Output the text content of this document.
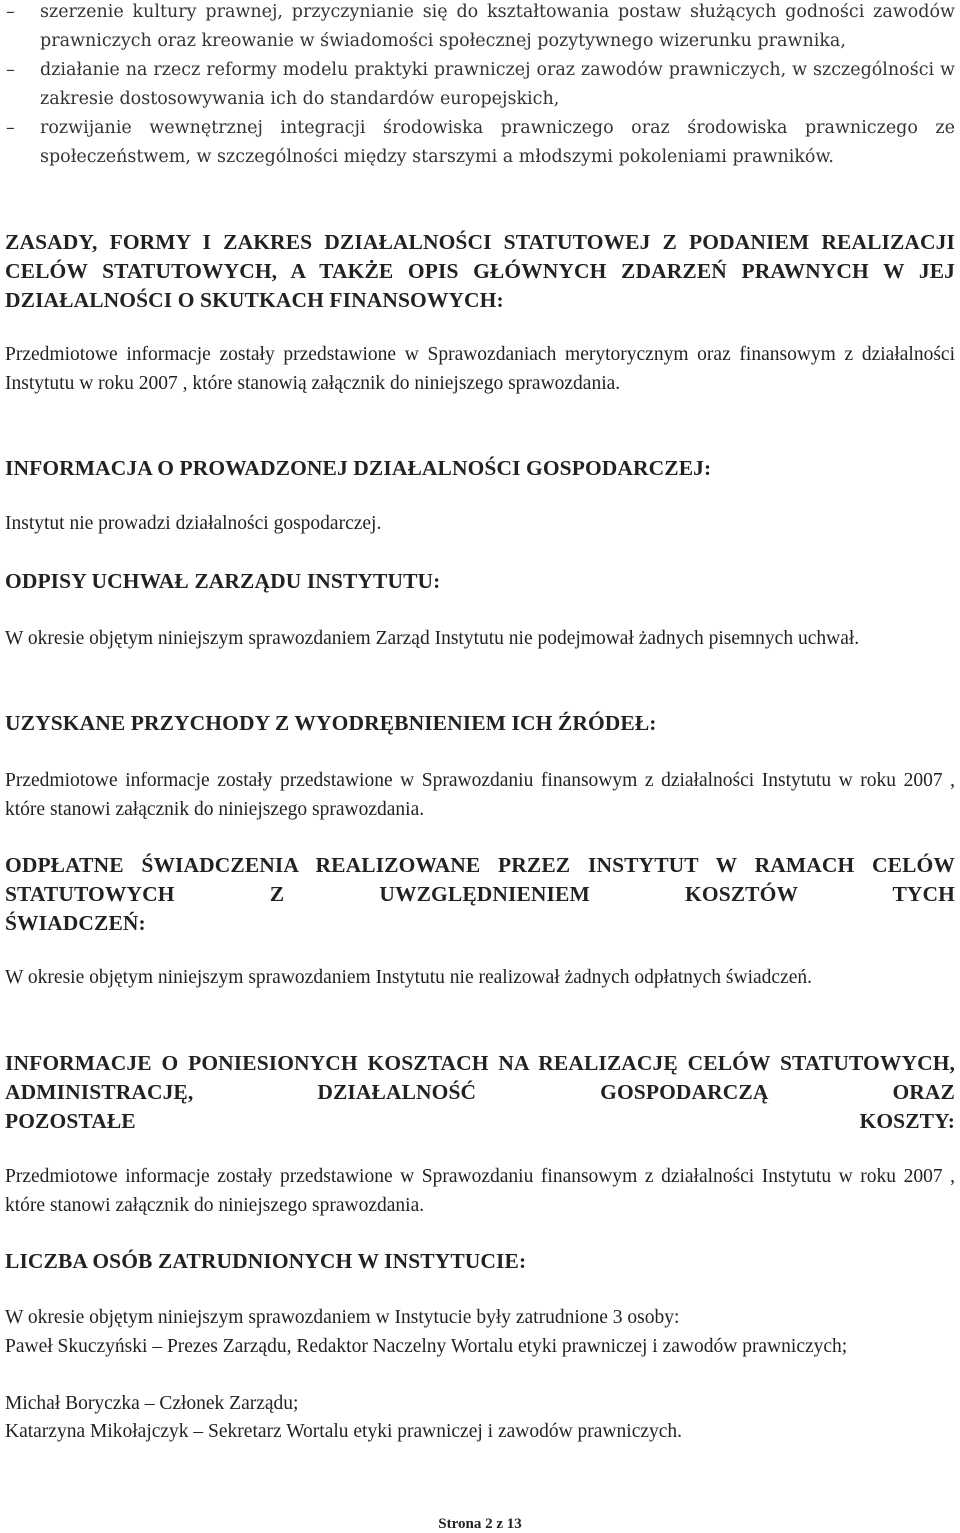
–	szerzenie kultury prawnej, przyczynianie się do kształtowania postaw służących godności zawodów prawniczych oraz kreowanie w świadomości społecznej pozytywnego wizerunku prawnika,
–	działanie na rzecz reformy modelu praktyki prawniczej oraz zawodów prawniczych, w szczególności w zakresie dostosowywania ich do standardów europejskich,
–	rozwijanie wewnętrznej integracji środowiska prawniczego oraz środowiska prawniczego ze społeczeństwem, w szczególności między starszymi a młodszymi pokoleniami prawników.
ZASADY, FORMY I ZAKRES DZIAŁALNOŚCI STATUTOWEJ Z PODANIEM REALIZACJI CELÓW STATUTOWYCH, A TAKŻE OPIS GŁÓWNYCH ZDARZEŃ PRAWNYCH W JEJ DZIAŁALNOŚCI O SKUTKACH FINANSOWYCH:

Przedmiotowe informacje zostały przedstawione w Sprawozdaniach merytorycznym oraz finansowym z działalności Instytutu w roku 2007 , które stanowią załącznik do niniejszego sprawozdania.

INFORMACJA O PROWADZONEJ DZIAŁALNOŚCI GOSPODARCZEJ:

Instytut nie prowadzi działalności gospodarczej.

ODPISY UCHWAŁ ZARZĄDU INSTYTUTU:

W okresie objętym niniejszym sprawozdaniem Zarząd Instytutu nie podejmował żadnych pisemnych uchwał.

UZYSKANE PRZYCHODY Z WYODRĘBNIENIEM ICH ŹRÓDEŁ:

Przedmiotowe informacje zostały przedstawione w Sprawozdaniu finansowym z działalności Instytutu w roku 2007 , które stanowi załącznik do niniejszego sprawozdania.

ODPŁATNE ŚWIADCZENIA REALIZOWANE PRZEZ INSTYTUT W RAMACH CELÓW STATUTOWYCH Z UWZGLĘDNIENIEM KOSZTÓW TYCH
ŚWIADCZEŃ:

W okresie objętym niniejszym sprawozdaniem Instytutu nie realizował żadnych odpłatnych świadczeń.

INFORMACJE O PONIESIONYCH KOSZTACH NA REALIZACJĘ CELÓW STATUTOWYCH, ADMINISTRACJĘ, DZIAŁALNOŚĆ GOSPODARCZĄ ORAZ
POZOSTAŁE KOSZTY:

Przedmiotowe informacje zostały przedstawione w Sprawozdaniu finansowym z działalności Instytutu w roku 2007 , które stanowi załącznik do niniejszego sprawozdania.

LICZBA OSÓB ZATRUDNIONYCH W INSTYTUCIE:

W okresie objętym niniejszym sprawozdaniem w Instytucie były zatrudnione 3 osoby:

Paweł Skuczyński – Prezes Zarządu, Redaktor Naczelny Wortalu etyki prawniczej i zawodów prawniczych;

Michał Boryczka – Członek Zarządu;

Katarzyna Mikołajczyk – Sekretarz Wortalu etyki prawniczej i zawodów prawniczych.

Strona 2 z 13
